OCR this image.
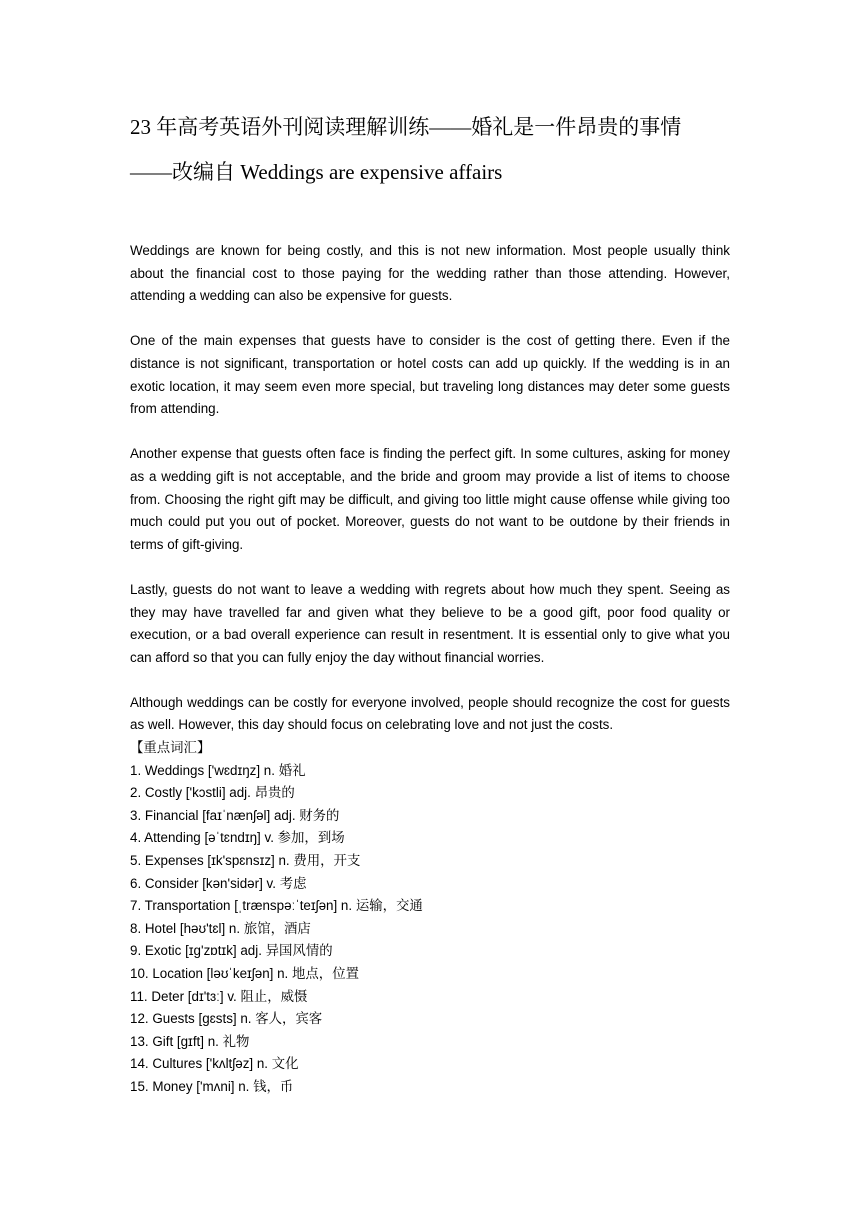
23 年高考英语外刊阅读理解训练——婚礼是一件昂贵的事情
——改编自 Weddings are expensive affairs

Weddings are known for being costly, and this is not new information. Most people usually think about the financial cost to those paying for the wedding rather than those attending. However, attending a wedding can also be expensive for guests.

One of the main expenses that guests have to consider is the cost of getting there. Even if the distance is not significant, transportation or hotel costs can add up quickly. If the wedding is in an exotic location, it may seem even more special, but traveling long distances may deter some guests from attending.

Another expense that guests often face is finding the perfect gift. In some cultures, asking for money as a wedding gift is not acceptable, and the bride and groom may provide a list of items to choose from. Choosing the right gift may be difficult, and giving too little might cause offense while giving too much could put you out of pocket. Moreover, guests do not want to be outdone by their friends in terms of gift-giving.

Lastly, guests do not want to leave a wedding with regrets about how much they spent. Seeing as they may have travelled far and given what they believe to be a good gift, poor food quality or execution, or a bad overall experience can result in resentment. It is essential only to give what you can afford so that you can fully enjoy the day without financial worries.

Although weddings can be costly for everyone involved, people should recognize the cost for guests as well. However, this day should focus on celebrating love and not just the costs.

【重点词汇】

1. Weddings ['wɛdɪŋz] n.婚礼
2. Costly ['kɔstli] adj.昂贵的
3. Financial [faɪˈnænʃəl] adj.财务的
4. Attending [əˈtɛndɪŋ] v.参加，到场
5. Expenses [ɪk'spɛnsɪz] n.费用，开支
6. Consider [kən'sidər] v.考虑
7. Transportation [ˌtrænspəːˈteɪʃən] n.运输，交通
8. Hotel [həʊ'tɛl] n.旅馆，酒店
9. Exotic [ɪg'zɒtɪk] adj.异国风情的
10. Location [ləʊˈkeɪʃən] n.地点，位置
11. Deter [dɪ'tɜː] v.阻止，威慑
12. Guests [gɛsts] n.客人，宾客
13. Gift [gɪft] n.礼物
14. Cultures ['kʌltʃəz] n.文化
15. Money ['mʌni] n.钱，币
